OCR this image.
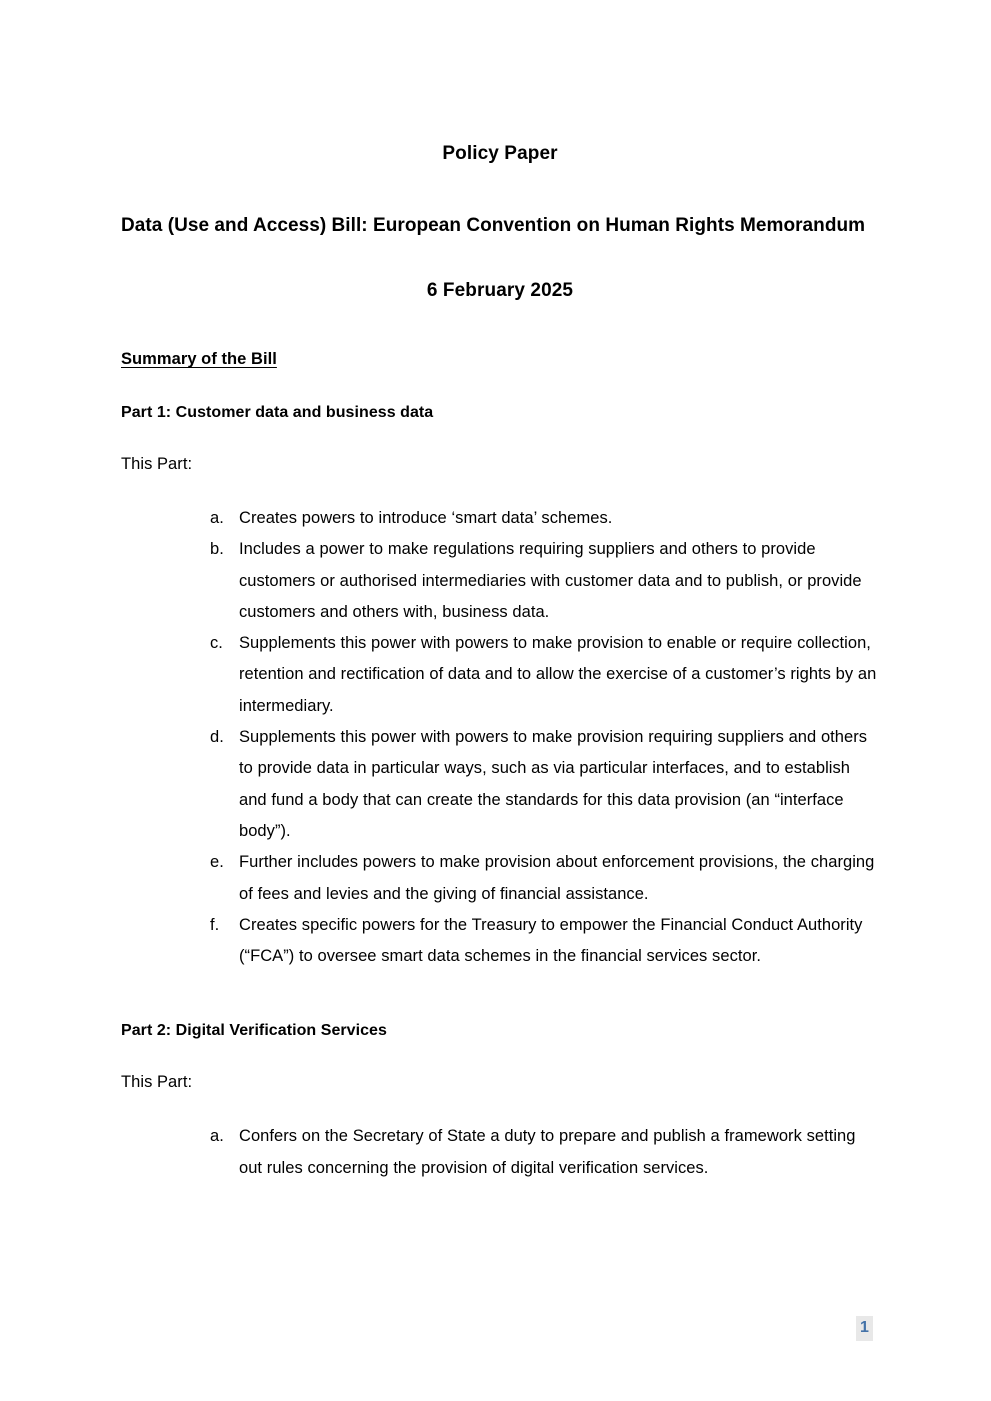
Policy Paper
Data (Use and Access) Bill: European Convention on Human Rights Memorandum
6 February 2025
Summary of the Bill
Part 1: Customer data and business data

This Part:

a. Creates powers to introduce ‘smart data’ schemes.
b. Includes a power to make regulations requiring suppliers and others to provide customers or authorised intermediaries with customer data and to publish, or provide customers and others with, business data.
c. Supplements this power with powers to make provision to enable or require collection, retention and rectification of data and to allow the exercise of a customer’s rights by an intermediary.
d. Supplements this power with powers to make provision requiring suppliers and others to provide data in particular ways, such as via particular interfaces, and to establish and fund a body that can create the standards for this data provision (an “interface body”).
e. Further includes powers to make provision about enforcement provisions, the charging of fees and levies and the giving of financial assistance.
f.	Creates specific powers for the Treasury to empower the Financial Conduct Authority (“FCA”) to oversee smart data schemes in the financial services sector.
Part 2: Digital Verification Services

This Part:

a. Confers on the Secretary of State a duty to prepare and publish a framework setting out rules concerning the provision of digital verification services.
1
